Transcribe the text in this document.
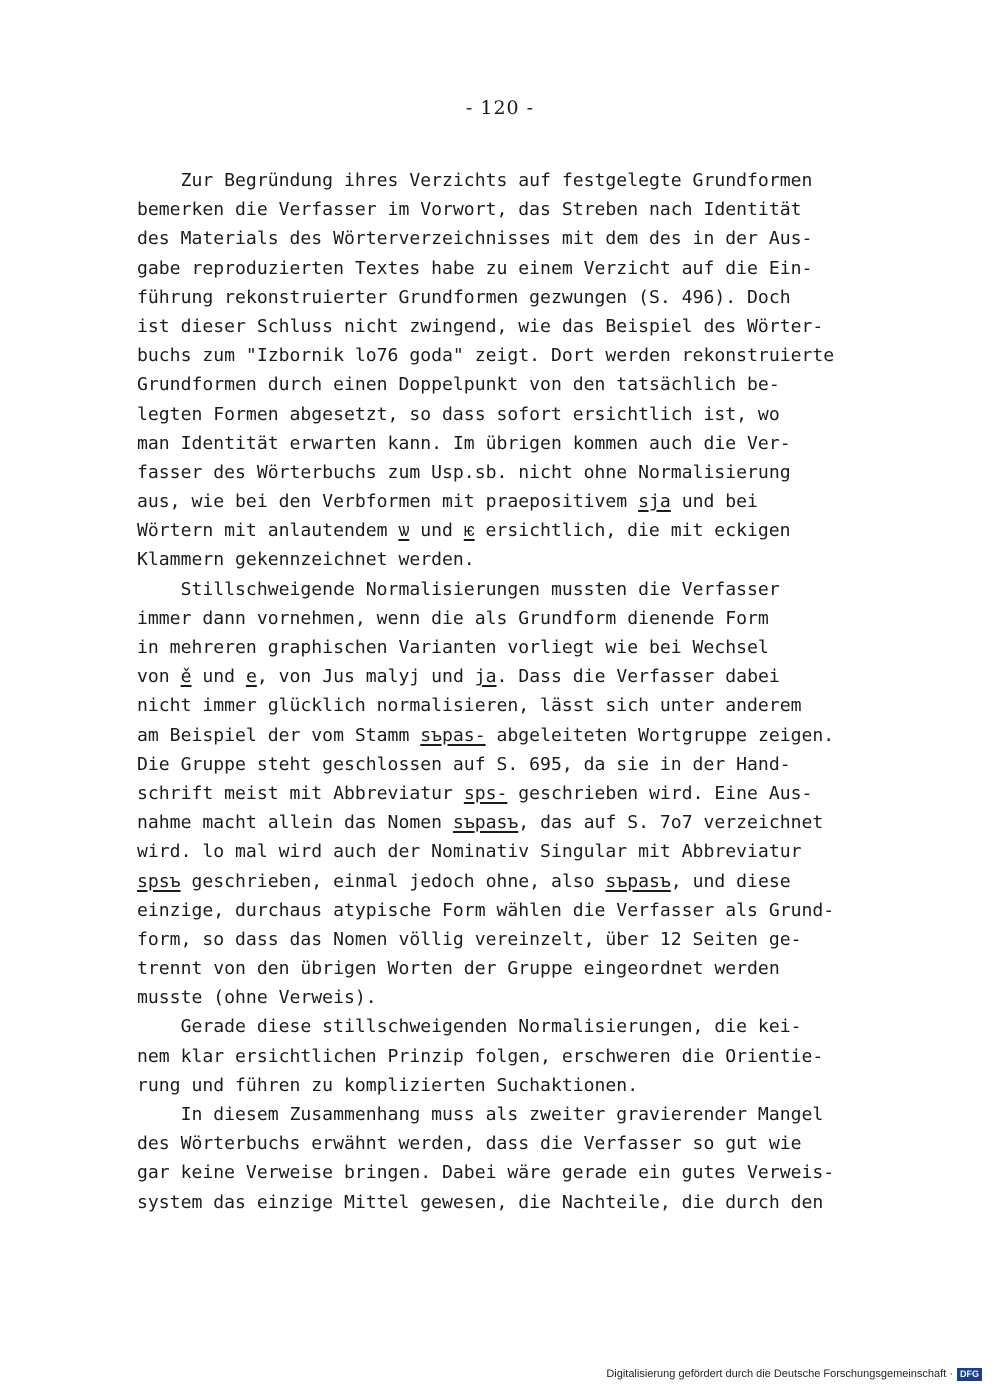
- 120 -
Zur Begründung ihres Verzichts auf festgelegte Grundformen
bemerken die Verfasser im Vorwort, das Streben nach Identität
des Materials des Wörterverzeichnisses mit dem des in der Aus-
gabe reproduzierten Textes habe zu einem Verzicht auf die Ein-
führung rekonstruierter Grundformen gezwungen (S. 496). Doch
ist dieser Schluss nicht zwingend, wie das Beispiel des Wörter-
buchs zum "Izbornik lo76 goda" zeigt. Dort werden rekonstruierte
Grundformen durch einen Doppelpunkt von den tatsächlich be-
legten Formen abgesetzt, so dass sofort ersichtlich ist, wo
man Identität erwarten kann. Im übrigen kommen auch die Ver-
fasser des Wörterbuchs zum Usp.sb. nicht ohne Normalisierung
aus, wie bei den Verbformen mit praepositivem sja und bei
Wörtern mit anlautendem ѡ und ѥ ersichtlich, die mit eckigen
Klammern gekennzeichnet werden.
Stillschweigende Normalisierungen mussten die Verfasser
immer dann vornehmen, wenn die als Grundform dienende Form
in mehreren graphischen Varianten vorliegt wie bei Wechsel
von ě und e, von Jus malyj und ja. Dass die Verfasser dabei
nicht immer glücklich normalisieren, lässt sich unter anderem
am Beispiel der vom Stamm sъpas- abgeleiteten Wortgruppe zeigen.
Die Gruppe steht geschlossen auf S. 695, da sie in der Hand-
schrift meist mit Abbreviatur sps- geschrieben wird. Eine Aus-
nahme macht allein das Nomen sъpasъ, das auf S. 7o7 verzeichnet
wird. lo mal wird auch der Nominativ Singular mit Abbreviatur
spsъ geschrieben, einmal jedoch ohne, also sъpasъ, und diese
einzige, durchaus atypische Form wählen die Verfasser als Grund-
form, so dass das Nomen völlig vereinzelt, über 12 Seiten ge-
trennt von den übrigen Worten der Gruppe eingeordnet werden
musste (ohne Verweis).
Gerade diese stillschweigenden Normalisierungen, die kei-
nem klar ersichtlichen Prinzip folgen, erschweren die Orientie-
rung und führen zu komplizierten Suchaktionen.
In diesem Zusammenhang muss als zweiter gravierender Mangel
des Wörterbuchs erwähnt werden, dass die Verfasser so gut wie
gar keine Verweise bringen. Dabei wäre gerade ein gutes Verweis-
system das einzige Mittel gewesen, die Nachteile, die durch den
Digitalisierung gefördert durch die Deutsche Forschungsgemeinschaft · DFG
